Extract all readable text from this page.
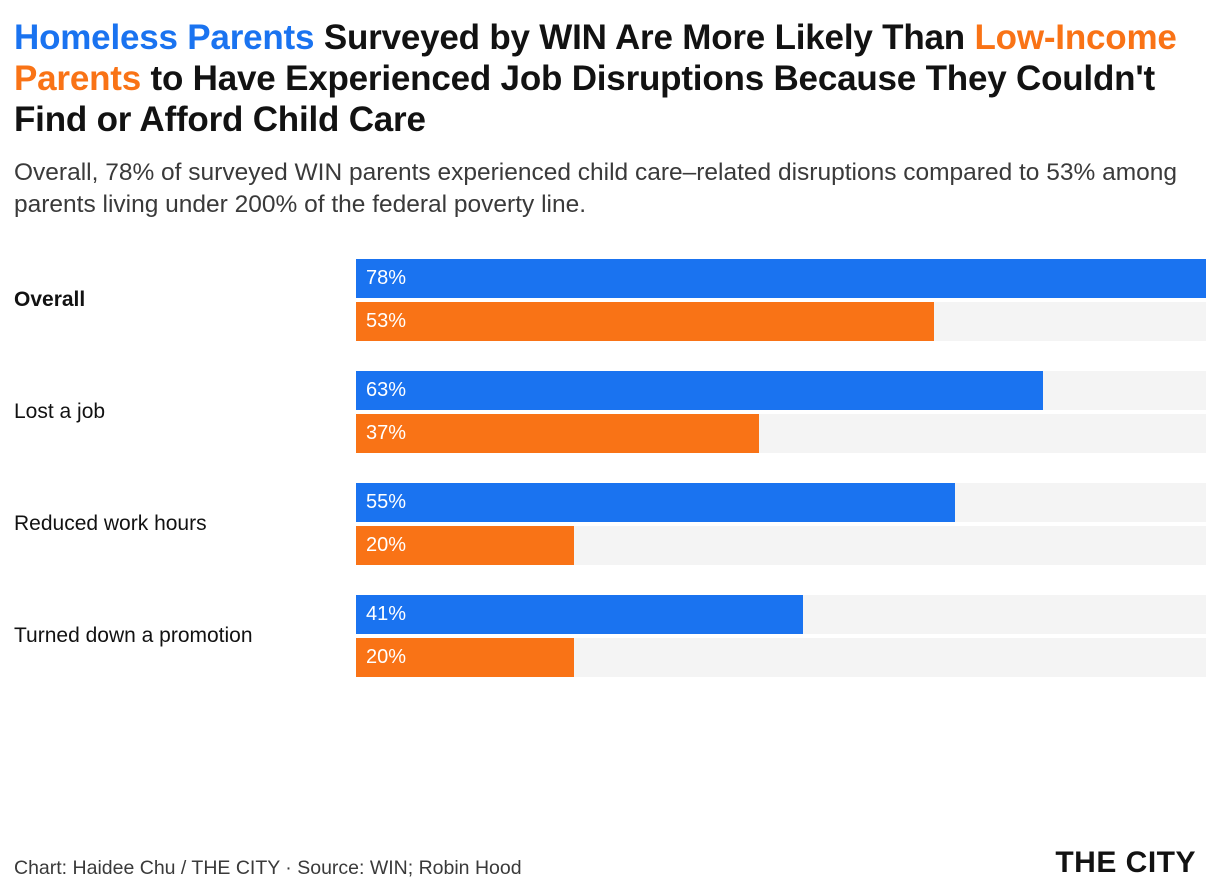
Homeless Parents Surveyed by WIN Are More Likely Than Low-Income Parents to Have Experienced Job Disruptions Because They Couldn't Find or Afford Child Care

Overall, 78% of surveyed WIN parents experienced child care–related disruptions compared to 53% among parents living under 200% of the federal poverty line.

Overall
78%
53%
Lost a job
63%
37%
Reduced work hours
55%
20%
Turned down a promotion
41%
20%
Chart: Haidee Chu / THE CITY · Source: WIN; Robin Hood	THE CITY
